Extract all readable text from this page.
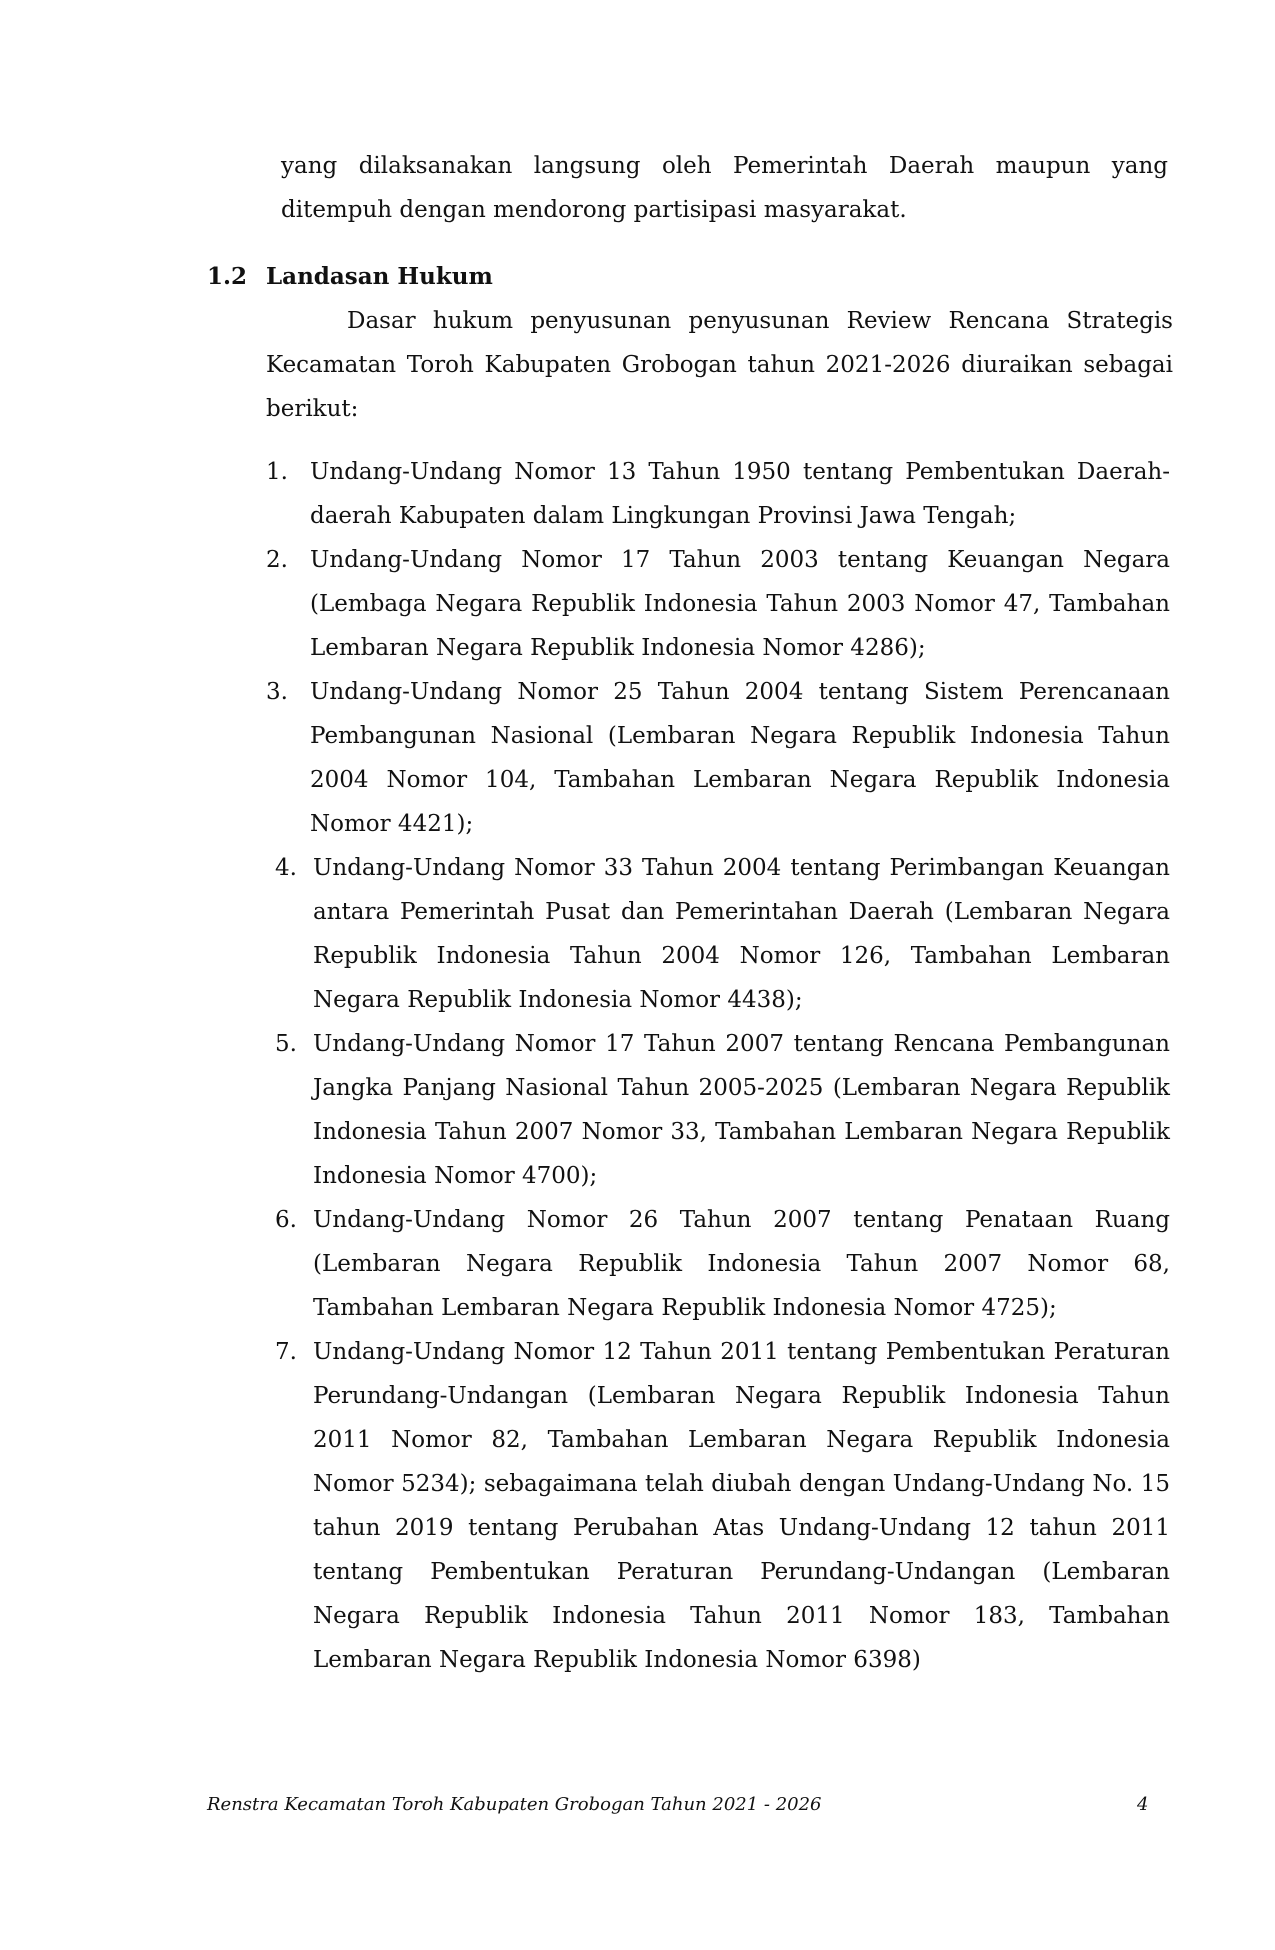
yang dilaksanakan langsung oleh Pemerintah Daerah maupun yang ditempuh dengan mendorong partisipasi masyarakat.

1.2 Landasan Hukum

Dasar hukum penyusunan penyusunan Review Rencana Strategis Kecamatan Toroh Kabupaten Grobogan tahun 2021-2026 diuraikan sebagai berikut:

1. Undang-Undang Nomor 13 Tahun 1950 tentang Pembentukan Daerah-daerah Kabupaten dalam Lingkungan Provinsi Jawa Tengah;
2. Undang-Undang Nomor 17 Tahun 2003 tentang Keuangan Negara (Lembaga Negara Republik Indonesia Tahun 2003 Nomor 47, Tambahan Lembaran Negara Republik Indonesia Nomor 4286);
3. Undang-Undang Nomor 25 Tahun 2004 tentang Sistem Perencanaan Pembangunan Nasional (Lembaran Negara Republik Indonesia Tahun 2004 Nomor 104, Tambahan Lembaran Negara Republik Indonesia Nomor 4421);
4. Undang-Undang Nomor 33 Tahun 2004 tentang Perimbangan Keuangan antara Pemerintah Pusat dan Pemerintahan Daerah (Lembaran Negara Republik Indonesia Tahun 2004 Nomor 126, Tambahan Lembaran Negara Republik Indonesia Nomor 4438);
5. Undang-Undang Nomor 17 Tahun 2007 tentang Rencana Pembangunan Jangka Panjang Nasional Tahun 2005-2025 (Lembaran Negara Republik Indonesia Tahun 2007 Nomor 33, Tambahan Lembaran Negara Republik Indonesia Nomor 4700);
6. Undang-Undang Nomor 26 Tahun 2007 tentang Penataan Ruang (Lembaran Negara Republik Indonesia Tahun 2007 Nomor 68, Tambahan Lembaran Negara Republik Indonesia Nomor 4725);
7. Undang-Undang Nomor 12 Tahun 2011 tentang Pembentukan Peraturan Perundang-Undangan (Lembaran Negara Republik Indonesia Tahun 2011 Nomor 82, Tambahan Lembaran Negara Republik Indonesia Nomor 5234); sebagaimana telah diubah dengan Undang-Undang No. 15 tahun 2019 tentang Perubahan Atas Undang-Undang 12 tahun 2011 tentang Pembentukan Peraturan Perundang-Undangan (Lembaran Negara Republik Indonesia Tahun 2011 Nomor 183, Tambahan Lembaran Negara Republik Indonesia Nomor 6398)
Renstra Kecamatan Toroh Kabupaten Grobogan Tahun 2021 - 2026	4
